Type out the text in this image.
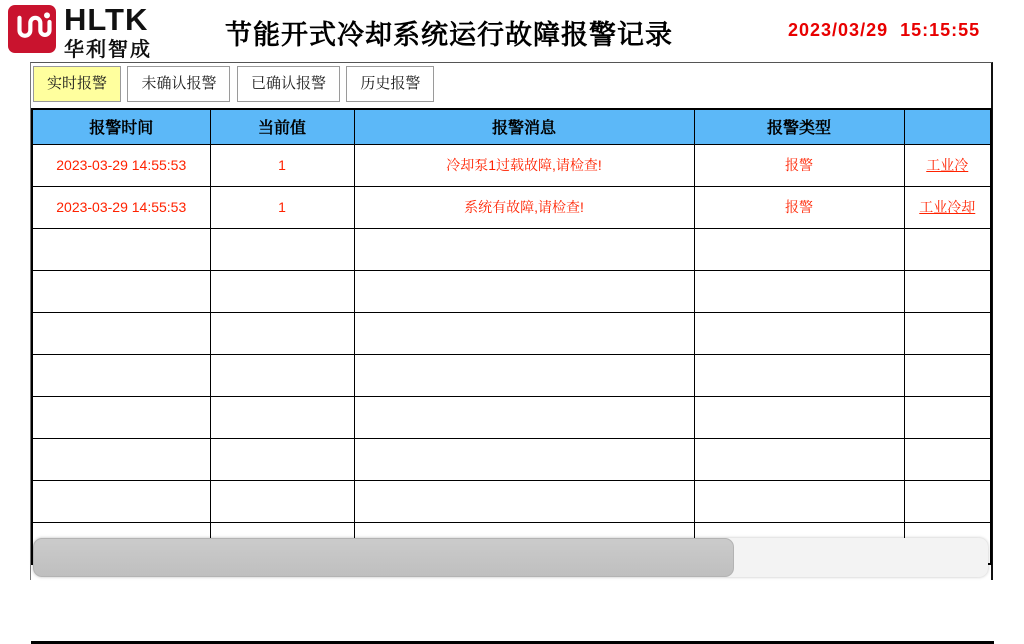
HLTK
华利智成	节能开式冷却系统运行故障报警记录	2023/03/29  15:15:55
实时报警 未确认报警 已确认报警 历史报警
报警时间	当前值	报警消息	报警类型	
2023-03-29 14:55:53	1	冷却泵1过载故障,请检查!	报警	工业冷
2023-03-29 14:55:53	1	系统有故障,请检查!	报警	工业冷却
